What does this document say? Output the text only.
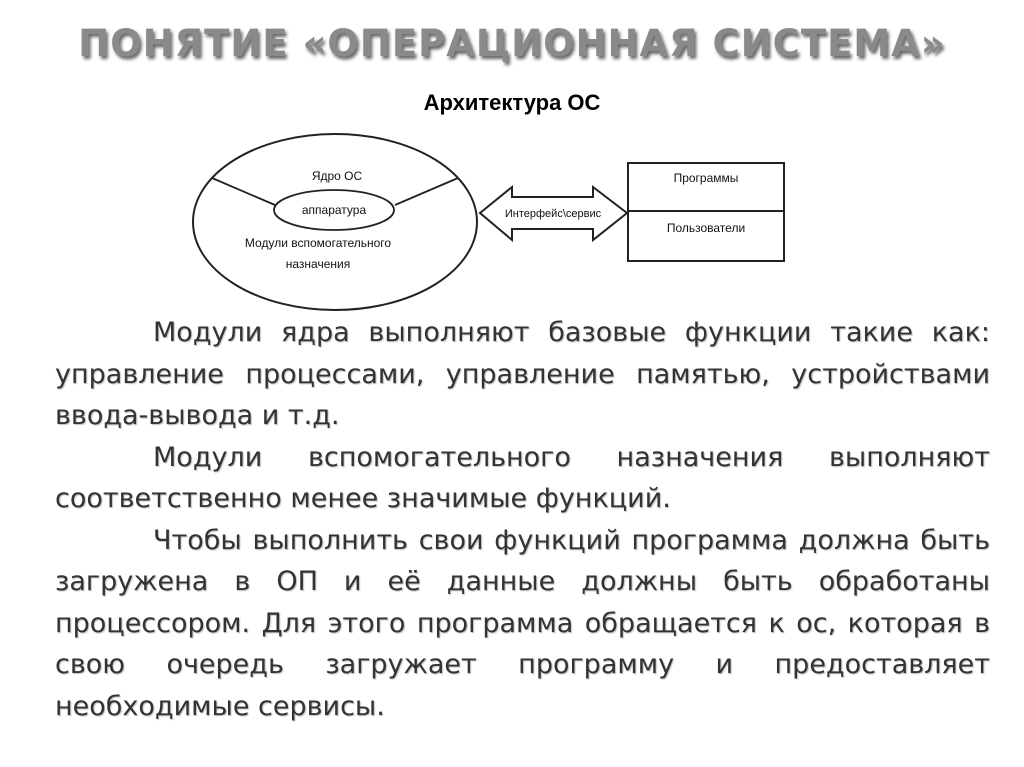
ПОНЯТИЕ «ОПЕРАЦИОННАЯ СИСТЕМА»
Архитектура ОС
Ядро ОС
аппаратура
Модули вспомогательного
назначения
Интерфейс\сервис
Программы
Пользователи

Модули ядра выполняют базовые функции такие как: управление процессами, управление памятью, устройствами ввода-вывода и т.д.

Модули вспомогательного назначения выполняют соответственно менее значимые функций.

Чтобы выполнить свои функций программа должна быть загружена в ОП и её данные должны быть обработаны процессором. Для этого программа обращается к ос, которая в свою очередь загружает программу и предоставляет необходимые сервисы.
